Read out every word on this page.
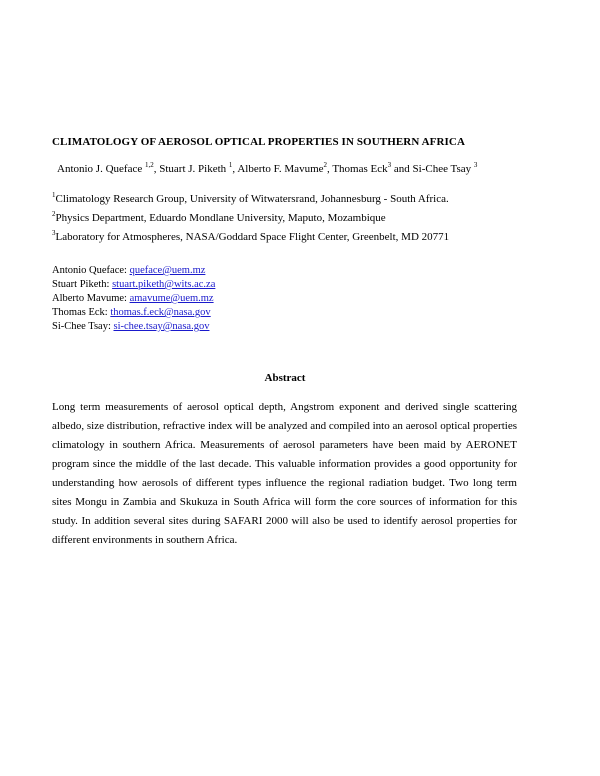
CLIMATOLOGY OF AEROSOL OPTICAL PROPERTIES IN SOUTHERN AFRICA
Antonio J. Queface $^{1,2}$, Stuart J. Piketh $^1$, Alberto F. Mavume$^2$, Thomas Eck$^3$ and Si-Chee Tsay $^3$
$^1$Climatology Research Group, University of Witwatersrand, Johannesburg - South Africa.
$^2$Physics Department, Eduardo Mondlane University, Maputo, Mozambique
$^3$Laboratory for Atmospheres, NASA/Goddard Space Flight Center, Greenbelt, MD 20771
Antonio Queface: queface@uem.mz
Stuart Piketh: stuart.piketh@wits.ac.za
Alberto Mavume: amavume@uem.mz
Thomas Eck: thomas.f.eck@nasa.gov
Si-Chee Tsay: si-chee.tsay@nasa.gov
Abstract
Long term measurements of aerosol optical depth, Angstrom exponent and derived single scattering albedo, size distribution, refractive index will be analyzed and compiled into an aerosol optical properties climatology in southern Africa. Measurements of aerosol parameters have been maid by AERONET program since the middle of the last decade. This valuable information provides a good opportunity for understanding how aerosols of different types influence the regional radiation budget. Two long term sites Mongu in Zambia and Skukuza in South Africa will form the core sources of information for this study. In addition several sites during SAFARI 2000 will also be used to identify aerosol properties for different environments in southern Africa.
